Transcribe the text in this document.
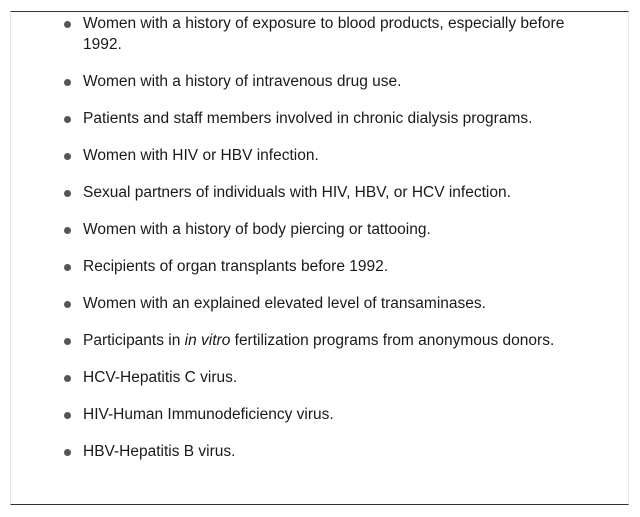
Women with a history of exposure to blood products, especially before 1992.
Women with a history of intravenous drug use.
Patients and staff members involved in chronic dialysis programs.
Women with HIV or HBV infection.
Sexual partners of individuals with HIV, HBV, or HCV infection.
Women with a history of body piercing or tattooing.
Recipients of organ transplants before 1992.
Women with an explained elevated level of transaminases.
Participants in in vitro fertilization programs from anonymous donors.
HCV-Hepatitis C virus.
HIV-Human Immunodeficiency virus.
HBV-Hepatitis B virus.
